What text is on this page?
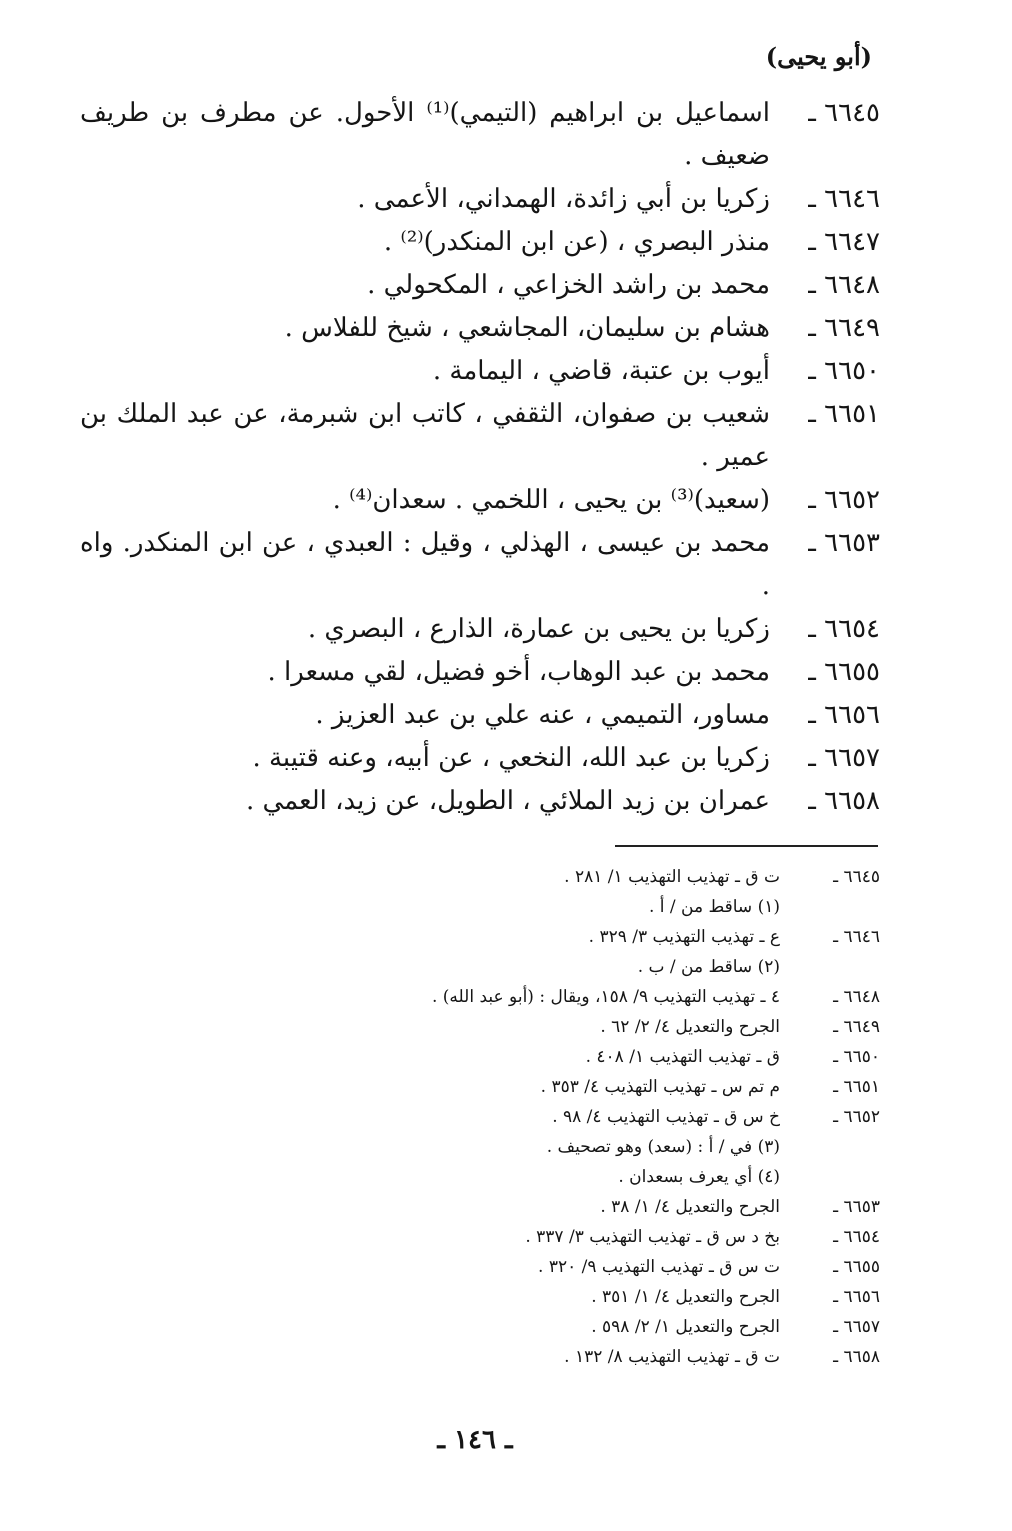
(أبو يحيى)
٦٦٤٥ ـ
اسماعيل بن ابراهيم (التيمي)⁽¹⁾ الأحول. عن مطرف بن طريف ضعيف .
٦٦٤٦ ـ
زكريا بن أبي زائدة، الهمداني، الأعمى .
٦٦٤٧ ـ
منذر البصري ، (عن ابن المنكدر)⁽²⁾ .
٦٦٤٨ ـ
محمد بن راشد الخزاعي ، المكحولي .
٦٦٤٩ ـ
هشام بن سليمان، المجاشعي ، شيخ للفلاس .
٦٦٥٠ ـ
أيوب بن عتبة، قاضي ، اليمامة .
٦٦٥١ ـ
شعيب بن صفوان، الثقفي ، كاتب ابن شبرمة، عن عبد الملك بن عمير .
٦٦٥٢ ـ
(سعيد)⁽³⁾ بن يحيى ، اللخمي . سعدان⁽⁴⁾ .
٦٦٥٣ ـ
محمد بن عيسى ، الهذلي ، وقيل : العبدي ، عن ابن المنكدر. واه .
٦٦٥٤ ـ
زكريا بن يحيى بن عمارة، الذارع ، البصري .
٦٦٥٥ ـ
محمد بن عبد الوهاب، أخو فضيل، لقي مسعرا .
٦٦٥٦ ـ
مساور، التميمي ، عنه علي بن عبد العزيز .
٦٦٥٧ ـ
زكريا بن عبد الله، النخعي ، عن أبيه، وعنه قتيبة .
٦٦٥٨ ـ
عمران بن زيد الملائي ، الطويل، عن زيد، العمي .
٦٦٤٥ ـ
ت ق ـ تهذيب التهذيب ١/ ٢٨١ .
(١) ساقط من / أ .
٦٦٤٦ ـ
ع ـ تهذيب التهذيب ٣/ ٣٢٩ .
(٢) ساقط من / ب .
٦٦٤٨ ـ
٤ ـ تهذيب التهذيب ٩/ ١٥٨، ويقال : (أبو عبد الله) .
٦٦٤٩ ـ
الجرح والتعديل ٤/ ٢/ ٦٢ .
٦٦٥٠ ـ
ق ـ تهذيب التهذيب ١/ ٤٠٨ .
٦٦٥١ ـ
م تم س ـ تهذيب التهذيب ٤/ ٣٥٣ .
٦٦٥٢ ـ
خ س ق ـ تهذيب التهذيب ٤/ ٩٨ .
(٣) في / أ : (سعد) وهو تصحيف .
(٤) أي يعرف بسعدان .
٦٦٥٣ ـ
الجرح والتعديل ٤/ ١/ ٣٨ .
٦٦٥٤ ـ
بخ د س ق ـ تهذيب التهذيب ٣/ ٣٣٧ .
٦٦٥٥ ـ
ت س ق ـ تهذيب التهذيب ٩/ ٣٢٠ .
٦٦٥٦ ـ
الجرح والتعديل ٤/ ١/ ٣٥١ .
٦٦٥٧ ـ
الجرح والتعديل ١/ ٢/ ٥٩٨ .
٦٦٥٨ ـ
ت ق ـ تهذيب التهذيب ٨/ ١٣٢ .
ـ ١٤٦ ـ
